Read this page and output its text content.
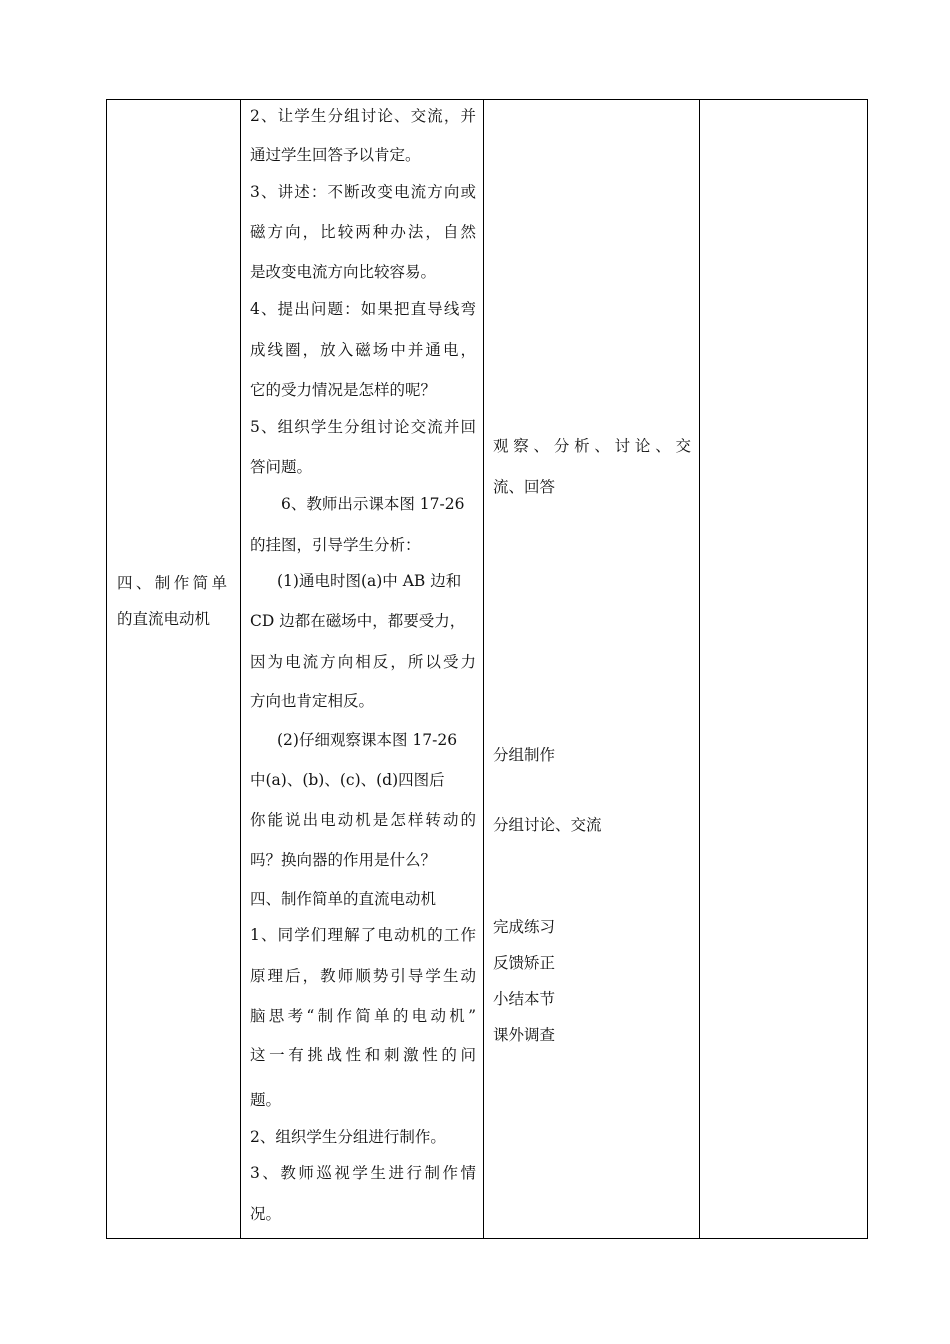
四、制作简单
的直流电动机
2、让学生分组讨论、交流，并
通过学生回答予以肯定。
3、讲述：不断改变电流方向或
磁方向，比较两种办法，自然
是改变电流方向比较容易。
4、提出问题：如果把直导线弯
成线圈，放入磁场中并通电，
它的受力情况是怎样的呢？
5、组织学生分组讨论交流并回
答问题。
6、教师出示课本图 17-26
的挂图，引导学生分析：
(1)通电时图(a)中 AB 边和
CD 边都在磁场中，都要受力，
因为电流方向相反，所以受力
方向也肯定相反。
(2)仔细观察课本图 17-26
中(a)、(b)、(c)、(d)四图后
你能说出电动机是怎样转动的
吗？换向器的作用是什么？
四、制作简单的直流电动机
1、同学们理解了电动机的工作
原理后，教师顺势引导学生动
脑思考“制作简单的电动机”
这一有挑战性和刺激性的问
题。
2、组织学生分组进行制作。
3、教师巡视学生进行制作情
况。
观察、分析、讨论、交
流、回答
分组制作
分组讨论、交流
完成练习
反馈矫正
小结本节
课外调查
